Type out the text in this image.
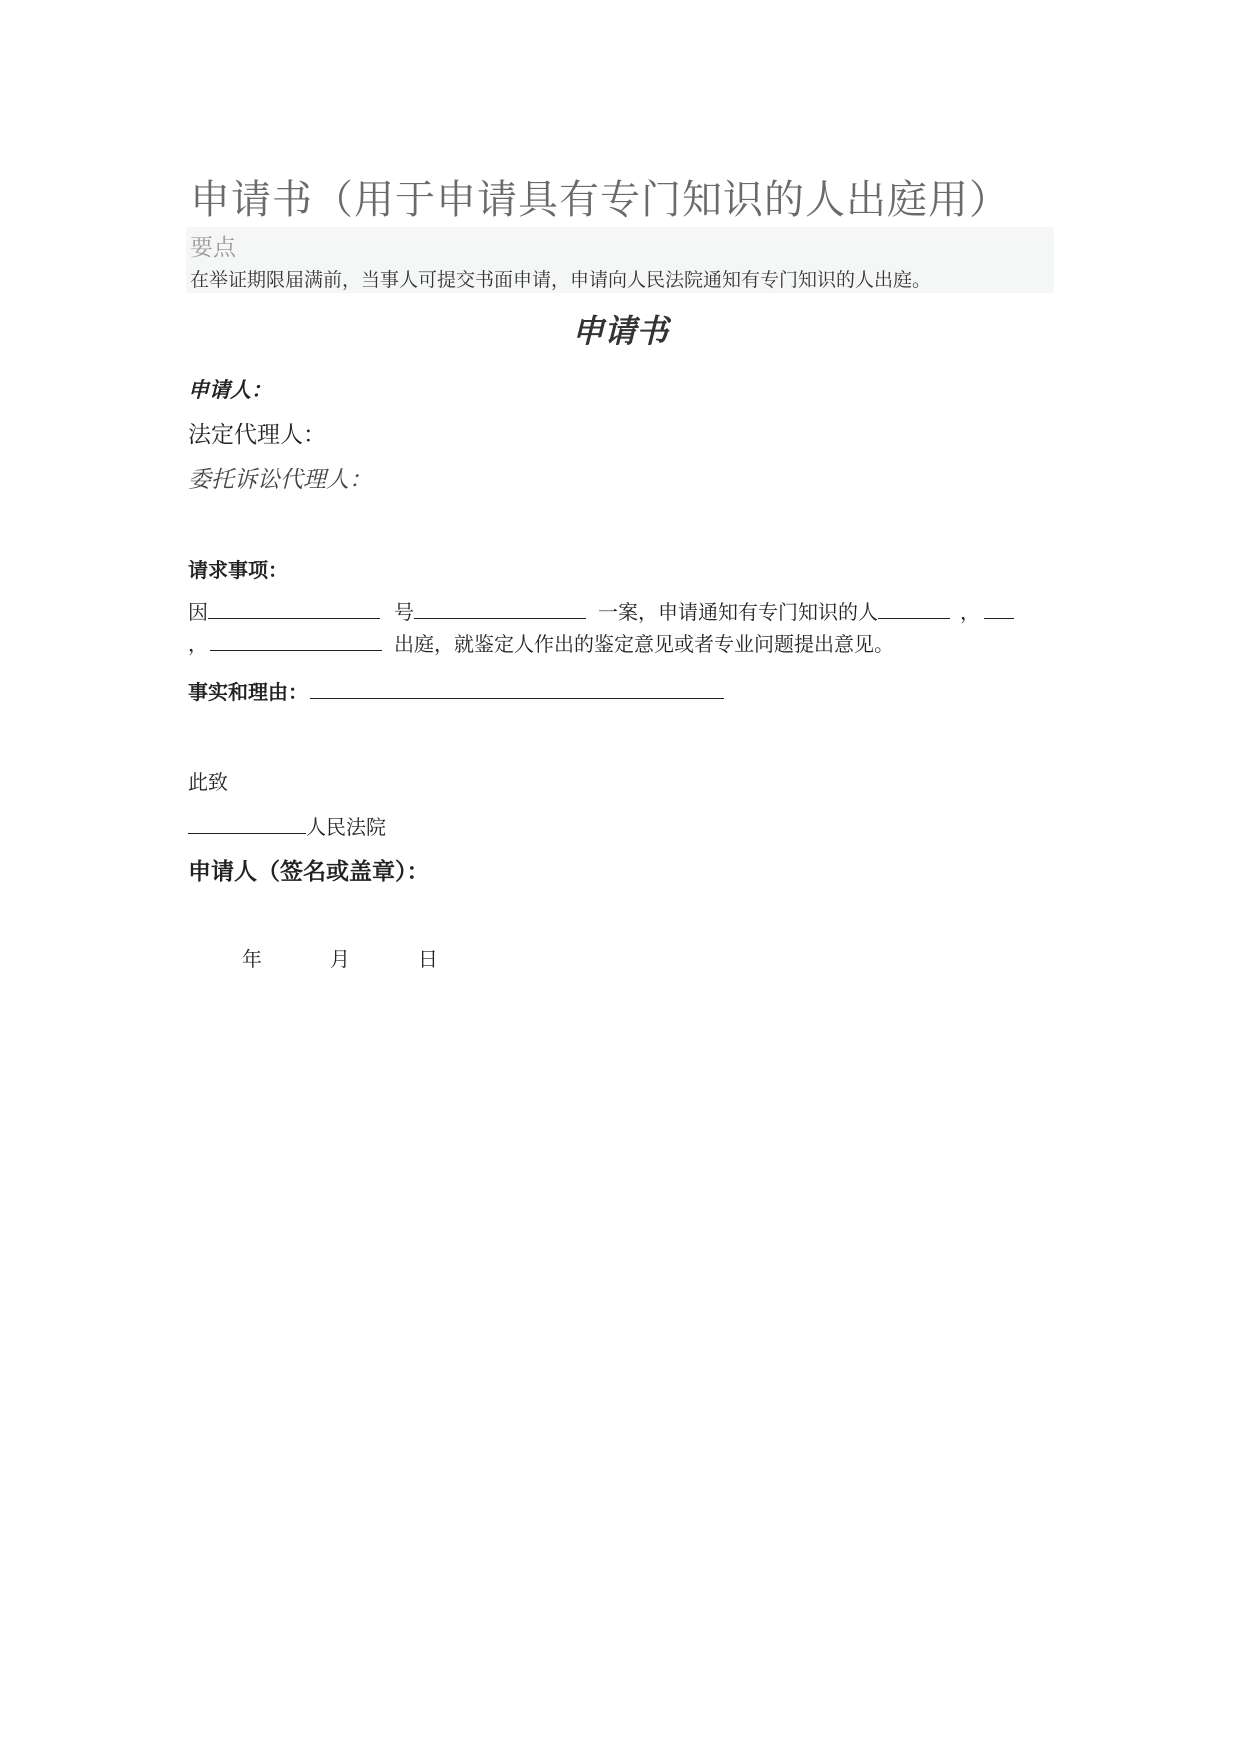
申请书（用于申请具有专门知识的人出庭用）
要点
在举证期限届满前，当事人可提交书面申请，申请向人民法院通知有专门知识的人出庭。
申请书
申请人：
法定代理人：
委托诉讼代理人：
请求事项：
因	号	一案，申请通知有专门知识的人	，
，	出庭，就鉴定人作出的鉴定意见或者专业问题提出意见。
事实和理由：
此致
人民法院
申请人（签名或盖章）：
年	月	日
